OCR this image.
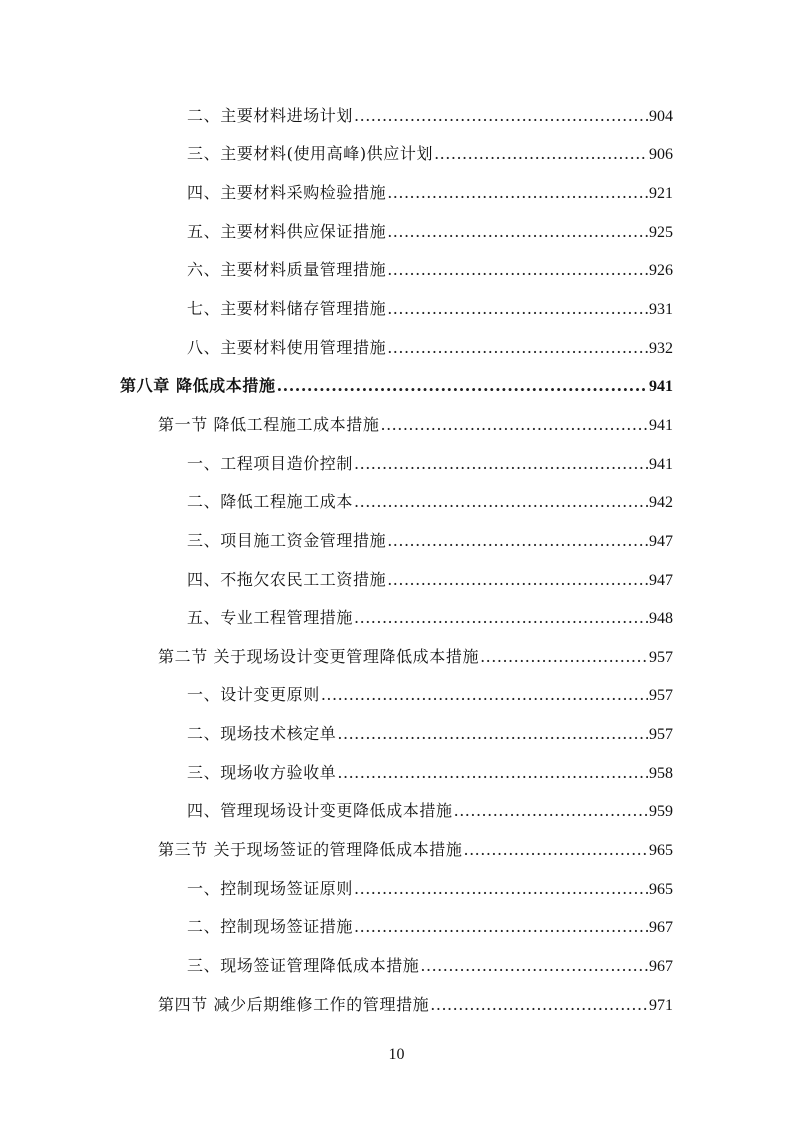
二、主要材料进场计划 .....	904
三、主要材料(使用高峰)供应计划 .....	906
四、主要材料采购检验措施 .....	921
五、主要材料供应保证措施 .....	925
六、主要材料质量管理措施 .....	926
七、主要材料储存管理措施 .....	931
八、主要材料使用管理措施 .....	932
第八章 降低成本措施 .....	941
第一节 降低工程施工成本措施 .....	941
一、工程项目造价控制 .....	941
二、降低工程施工成本 .....	942
三、项目施工资金管理措施 .....	947
四、不拖欠农民工工资措施 .....	947
五、专业工程管理措施 .....	948
第二节 关于现场设计变更管理降低成本措施 .....	957
一、设计变更原则 .....	957
二、现场技术核定单 .....	957
三、现场收方验收单 .....	958
四、管理现场设计变更降低成本措施 .....	959
第三节 关于现场签证的管理降低成本措施 .....	965
一、控制现场签证原则 .....	965
二、控制现场签证措施 .....	967
三、现场签证管理降低成本措施 .....	967
第四节 减少后期维修工作的管理措施 .....	971
10
